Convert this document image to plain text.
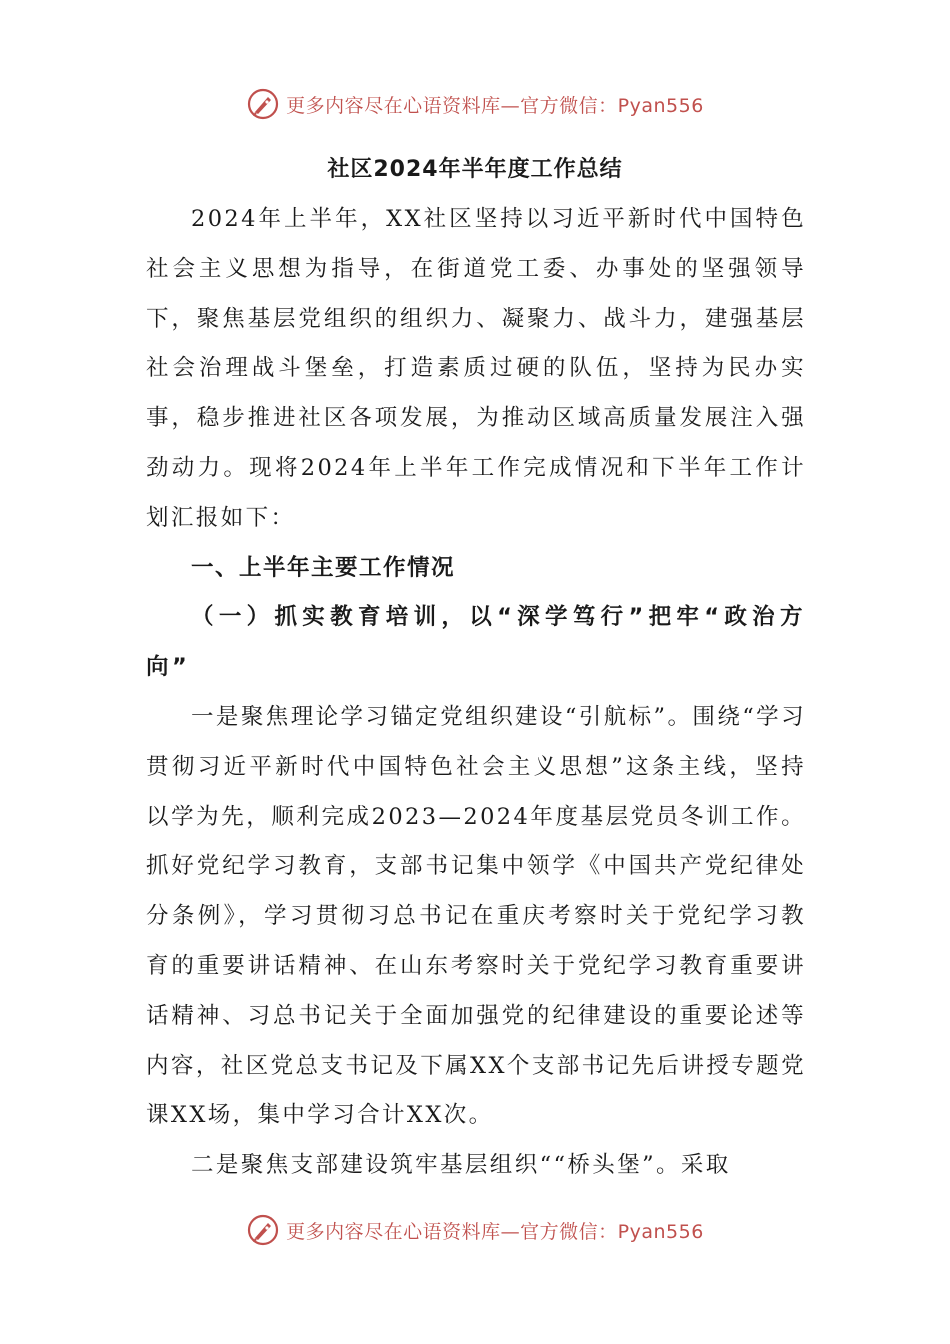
更多内容尽在心语资料库—官方微信：Pyan556
社区2024年半年度工作总结

2024年上半年，XX社区坚持以习近平新时代中国特色社会主义思想为指导，在街道党工委、办事处的坚强领导下，聚焦基层党组织的组织力、凝聚力、战斗力，建强基层社会治理战斗堡垒，打造素质过硬的队伍，坚持为民办实事，稳步推进社区各项发展，为推动区域高质量发展注入强劲动力。现将2024年上半年工作完成情况和下半年工作计划汇报如下：

一、上半年主要工作情况

（一）抓实教育培训，以“深学笃行”把牢“政治方向”

一是聚焦理论学习锚定党组织建设“引航标”。围绕“学习贯彻习近平新时代中国特色社会主义思想”这条主线，坚持以学为先，顺利完成2023—2024年度基层党员冬训工作。抓好党纪学习教育，支部书记集中领学《中国共产党纪律处分条例》，学习贯彻习总书记在重庆考察时关于党纪学习教育的重要讲话精神、在山东考察时关于党纪学习教育重要讲话精神、习总书记关于全面加强党的纪律建设的重要论述等内容，社区党总支书记及下属XX个支部书记先后讲授专题党课XX场，集中学习合计XX次。

二是聚焦支部建设筑牢基层组织““桥头堡”。采取

更多内容尽在心语资料库—官方微信：Pyan556
